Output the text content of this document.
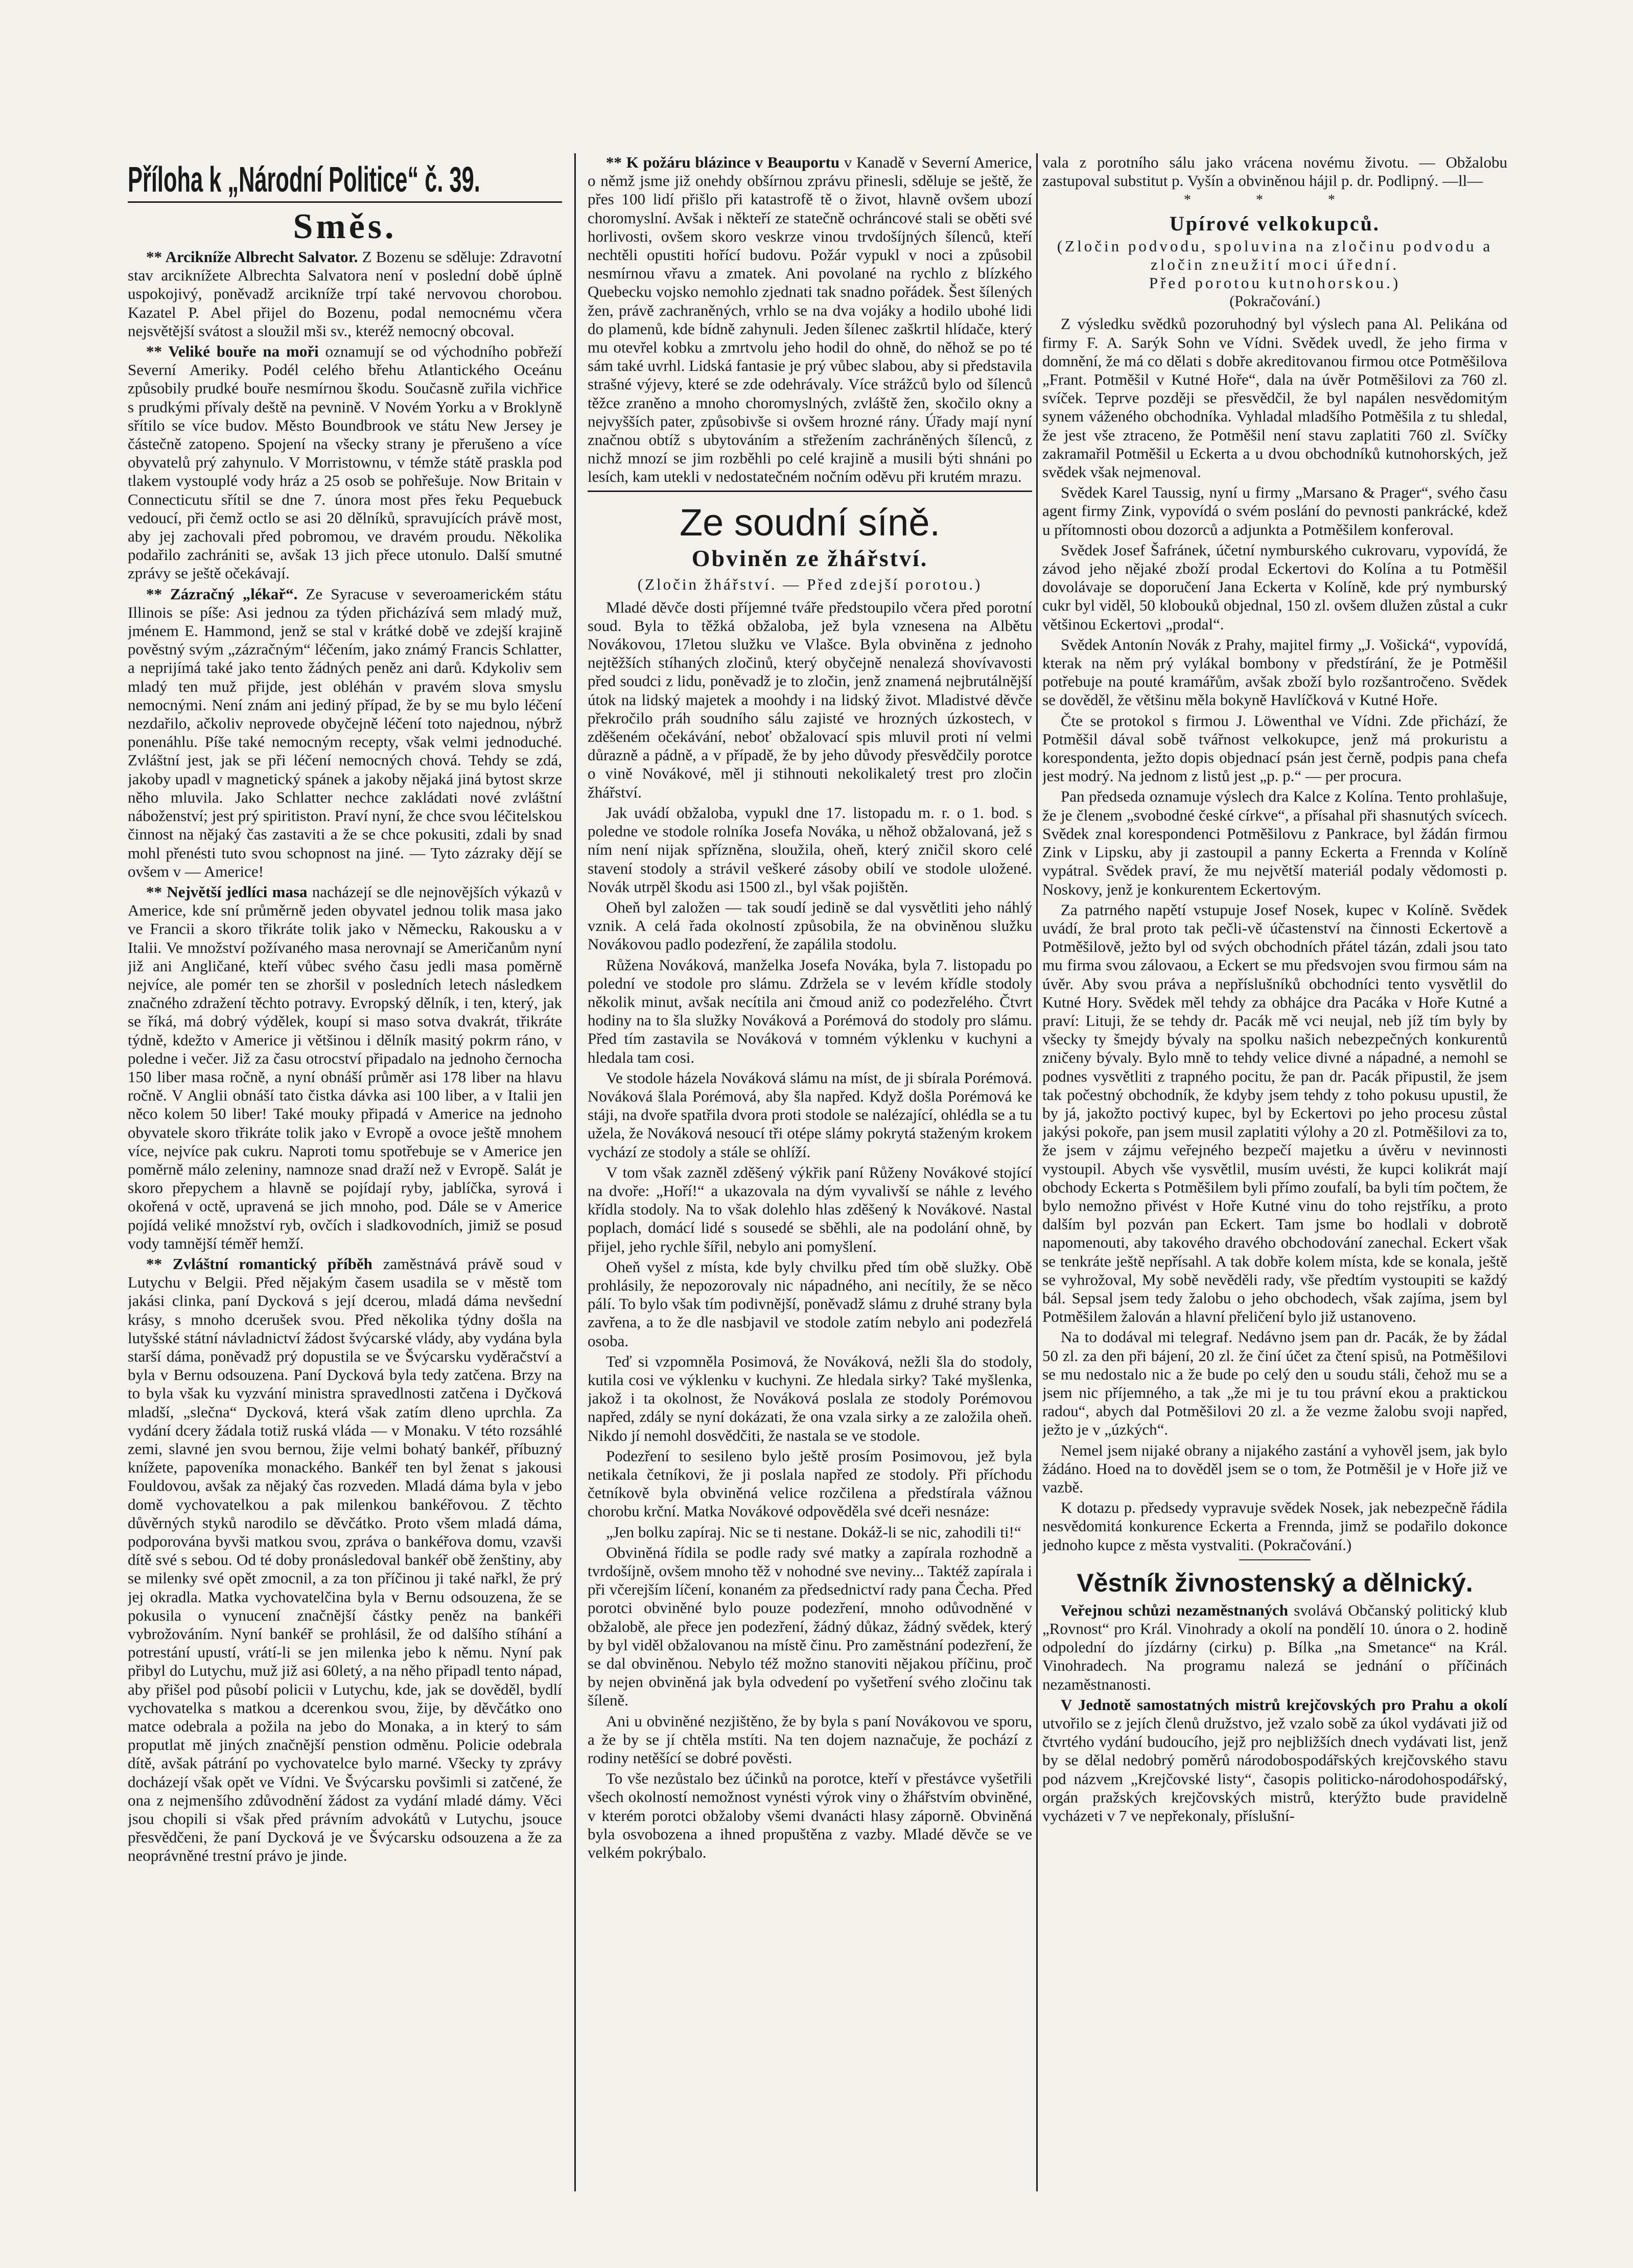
Příloha k „Národní Politice“ č. 39.
Směs.

** Arcikníže Albrecht Salvator. Z Bozenu se sděluje: Zdravotní stav arciknížete Albrechta Salvatora není v poslední době úplně uspokojivý, poněvadž arcikníže trpí také nervovou chorobou. Kazatel P. Abel přijel do Bozenu, podal nemocnému včera nejsvětější svátost a sloužil mši sv., kteréž nemocný obcoval.

** Veliké bouře na moři oznamují se od východního pobřeží Severní Ameriky. Podél celého břehu Atlantického Oceánu způsobily prudké bouře nesmírnou škodu. Současně zuřila vichřice s prudkými přívaly deště na pevnině. V Novém Yorku a v Broklyně sřítilo se více budov. Město Boundbrook ve státu New Jersey je částečně zatopeno. Spojení na všecky strany je přerušeno a více obyvatelů prý zahynulo. V Morristownu, v témže státě praskla pod tlakem vystouplé vody hráz a 25 osob se pohřešuje. Now Britain v Connecticutu sřítil se dne 7. února most přes řeku Pequebuck vedoucí, při čemž octlo se asi 20 dělníků, spravujících právě most, aby jej zachovali před pobromou, ve dravém proudu. Několika podařilo zachrániti se, avšak 13 jich přece utonulo. Další smutné zprávy se ještě očekávají.

** Zázračný „lékař“. Ze Syracuse v severoamerickém státu Illinois se píše: Asi jednou za týden přicházívá sem mladý muž, jménem E. Hammond, jenž se stal v krátké době ve zdejší krajině pověstný svým „zázračným“ léčením, jako známý Francis Schlatter, a neprijímá také jako tento žádných peněz ani darů. Kdykoliv sem mladý ten muž přijde, jest obléhán v pravém slova smyslu nemocnými. Není znám ani jediný případ, že by se mu bylo léčení nezdařilo, ačkoliv neprovede obyčejně léčení toto najednou, nýbrž ponenáhlu. Píše také nemocným recepty, však velmi jednoduché. Zvláštní jest, jak se při léčení nemocných chová. Tehdy se zdá, jakoby upadl v magnetický spánek a jakoby nějaká jiná bytost skrze něho mluvila. Jako Schlatter nechce zakládati nové zvláštní náboženství; jest prý spiritiston. Praví nyní, že chce svou léčitelskou činnost na nějaký čas zastaviti a že se chce pokusiti, zdali by snad mohl přenésti tuto svou schopnost na jiné. — Tyto zázraky dějí se ovšem v — Americe!

** Největší jedlíci masa nacházejí se dle nejnovějších výkazů v Americe, kde sní průměrně jeden obyvatel jednou tolik masa jako ve Francii a skoro třikráte tolik jako v Německu, Rakousku a v Italii. Ve množství požívaného masa nerovnají se Američanům nyní již ani Angličané, kteří vůbec svého času jedli masa poměrně nejvíce, ale pomér ten se zhoršil v posledních letech následkem značného zdražení těchto potravy. Evropský dělník, i ten, který, jak se říká, má dobrý výdělek, koupí si maso sotva dvakrát, třikráte týdně, kdežto v Americe ji většinou i dělník masitý pokrm ráno, v poledne i večer. Již za času otrocství připadalo na jednoho černocha 150 liber masa ročně, a nyní obnáší průměr asi 178 liber na hlavu ročně. V Anglii obnáší tato čistka dávka asi 100 liber, a v Italii jen něco kolem 50 liber! Také mouky připadá v Americe na jednoho obyvatele skoro třikráte tolik jako v Evropě a ovoce ještě mnohem více, nejvíce pak cukru. Naproti tomu spotřebuje se v Americe jen poměrně málo zeleniny, namnoze snad draží než v Evropě. Salát je skoro přepychem a hlavně se pojídají ryby, jablíčka, syrová i okořená v octě, upravená se jich mnoho, pod. Dále se v Americe pojídá veliké množství ryb, ovčích i sladkovodních, jimiž se posud vody tamnější téměř hemží.

** Zvláštní romantický příběh zaměstnává právě soud v Lutychu v Belgii. Před nějakým časem usadila se v městě tom jakási clinka, paní Dycková s její dcerou, mladá dáma nevšední krásy, s mnoho dcerušek svou. Před několika týdny došla na lutyšské státní návladnictví žádost švýcarské vlády, aby vydána byla starší dáma, poněvadž prý dopustila se ve Švýcarsku vyděračství a byla v Bernu odsouzena. Paní Dycková byla tedy zatčena. Brzy na to byla však ku vyzvání ministra spravedlnosti zatčena i Dyčková mladší, „slečna“ Dycková, která však zatím dleno uprchla. Za vydání dcery žádala totiž ruská vláda — v Monaku. V této rozsáhlé zemi, slavné jen svou bernou, žije velmi bohatý bankéř, příbuzný knížete, papoveníka monackého. Bankéř ten byl ženat s jakousi Fouldovou, avšak za nějaký čas rozveden. Mladá dáma byla v jebo domě vychovatelkou a pak milenkou bankéřovou. Z těchto důvěrných styků narodilo se děvčátko. Proto všem mladá dáma, podporována byvši matkou svou, zpráva o bankéřova domu, vzavši dítě své s sebou. Od té doby pronásledoval bankéř obě ženštiny, aby se milenky své opět zmocnil, a za ton příčinou ji také nařkl, že prý jej okradla. Matka vychovatelčina byla v Bernu odsouzena, že se pokusila o vynucení značnější částky peněz na bankéři vybrožováním. Nyní bankéř se prohlásil, že od dalšího stíhání a potrestání upustí, vrátí-li se jen milenka jebo k němu. Nyní pak přibyl do Lutychu, muž již asi 60letý, a na něho připadl tento nápad, aby přišel pod působí policii v Lutychu, kde, jak se dověděl, bydlí vychovatelka s matkou a dcerenkou svou, žije, by děvčátko ono matce odebrala a požila na jebo do Monaka, a in který to sám proputlat mě jiných značnější penstion odměnu. Policie odebrala dítě, avšak pátrání po vychovatelce bylo marné. Všecky ty zprávy docházejí však opět ve Vídni. Ve Švýcarsku povšimli si zatčené, že ona z nejmenšího zdůvodnění žádost za vydání mladé dámy. Věci jsou chopili si však před právním advokátů v Lutychu, jsouce přesvědčeni, že paní Dycková je ve Švýcarsku odsouzena a že za neoprávněné trestní právo je jinde.

** K požáru blázince v Beauportu v Kanadě v Severní Americe, o němž jsme již onehdy obšírnou zprávu přinesli, sděluje se ještě, že přes 100 lidí přišlo při katastrofě tě o život, hlavně ovšem ubozí choromyslní. Avšak i někteří ze statečně ochráncové stali se oběti své horlivosti, ovšem skoro veskrze vinou trvdošíjných šílenců, kteří nechtěli opustiti hořící budovu. Požár vypukl v noci a způsobil nesmírnou vřavu a zmatek. Ani povolané na rychlo z blízkého Quebecku vojsko nemohlo zjednati tak snadno pořádek. Šest šílených žen, právě zachraněných, vrhlo se na dva vojáky a hodilo ubohé lidi do plamenů, kde bídně zahynuli. Jeden šílenec zaškrtil hlídače, který mu otevřel kobku a zmrtvolu jeho hodil do ohně, do něhož se po té sám také uvrhl. Lidská fantasie je prý vůbec slabou, aby si představila strašné výjevy, které se zde odehrávaly. Více strážců bylo od šílenců těžce zraněno a mnoho choromyslných, zvláště žen, skočilo okny a nejvyšších pater, způsobivše si ovšem hrozné rány. Úřady mají nyní značnou obtíž s ubytováním a střežením zachráněných šílenců, z nichž mnozí se jim rozběhli po celé krajině a musili býti shnáni po lesích, kam utekli v nedostatečném nočním oděvu při krutém mrazu.

Ze soudní síně.
Obviněn ze žhářství.
(Zločin žhářství. — Před zdejší porotou.)

Mladé děvče dosti příjemné tváře předstoupilo včera před porotní soud. Byla to těžká obžaloba, jež byla vznesena na Albětu Novákovou, 17letou služku ve Vlašce. Byla obviněna z jednoho nejtěžších stíhaných zločinů, který obyčejně nenalezá shovívavosti před soudci z lidu, poněvadž je to zločin, jenž znamená nejbrutálnější útok na lidský majetek a moohdy i na lidský život. Mladistvé děvče překročilo práh soudního sálu zajisté ve hrozných úzkostech, v zděšeném očekávání, neboť obžalovací spis mluvil proti ní velmi důrazně a pádně, a v případě, že by jeho důvody přesvědčily porotce o vině Novákové, měl ji stihnouti nekolikaletý trest pro zločin žhářství.

Jak uvádí obžaloba, vypukl dne 17. listopadu m. r. o 1. bod. s poledne ve stodole rolníka Josefa Nováka, u něhož obžalovaná, jež s ním není nijak spřízněna, sloužila, oheň, který zničil skoro celé stavení stodoly a strávil veškeré zásoby obilí ve stodole uložené. Novák utrpěl škodu asi 1500 zl., byl však pojištěn.

Oheň byl založen — tak soudí jedině se dal vysvětliti jeho náhlý vznik. A celá řada okolností způsobila, že na obviněnou služku Novákovou padlo podezření, že zapálila stodolu.

Růžena Nováková, manželka Josefa Nováka, byla 7. listopadu po polední ve stodole pro slámu. Zdržela se v levém křídle stodoly několik minut, avšak necítila ani čmoud aniž co podezřelého. Čtvrt hodiny na to šla služky Nováková a Porémová do stodoly pro slámu. Před tím zastavila se Nováková v tomném výklenku v kuchyni a hledala tam cosi.

Ve stodole házela Nováková slámu na míst, de ji sbírala Porémová. Nováková šlala Porémová, aby šla napřed. Když došla Porémová ke stáji, na dvoře spatřila dvora proti stodole se nalézající, ohlédla se a tu užela, že Nováková nesoucí tři otépe slámy pokrytá staženým krokem vychází ze stodoly a stále se ohlíží.

V tom však zazněl zděšený výkřik paní Růženy Novákové stojící na dvoře: „Hoří!“ a ukazovala na dým vyvalivší se náhle z levého křídla stodoly. Na to však dolehlo hlas zděšený k Novákové. Nastal poplach, domácí lidé s sousedé se sběhli, ale na podolání ohně, by přijel, jeho rychle šířil, nebylo ani pomyšlení.

Oheň vyšel z místa, kde byly chvilku před tím obě služky. Obě prohlásily, že nepozorovaly nic nápadného, ani necítily, že se něco pálí. To bylo však tím podivnější, poněvadž slámu z druhé strany byla zavřena, a to že dle nasbjavil ve stodole zatím nebylo ani podezřelá osoba.

Teď si vzpomněla Posimová, že Nováková, nežli šla do stodoly, kutila cosi ve výklenku v kuchyni. Ze hledala sirky? Také myšlenka, jakož i ta okolnost, že Nováková poslala ze stodoly Porémovou napřed, zdály se nyní dokázati, že ona vzala sirky a ze založila oheň. Nikdo jí nemohl dosvědčiti, že nastala se ve stodole.

Podezření to sesileno bylo ještě prosím Posimovou, jež byla netikala četníkovi, že ji poslala napřed ze stodoly. Při příchodu četníkově byla obviněná velice rozčilena a předstírala vážnou chorobu krční. Matka Novákové odpověděla své dceři nesnáze:

„Jen bolku zapíraj. Nic se ti nestane. Dokáž-li se nic, zahodili ti!“

Obviněná řídila se podle rady své matky a zapírala rozhodně a tvrdošíjně, ovšem mnoho těž v nohodné sve neviny... Taktéž zapírala i při včerejším líčení, konaném za předsednictví rady pana Čecha. Před porotci obviněné bylo pouze podezření, mnoho odůvodněné v obžalobě, ale přece jen podezření, žádný důkaz, žádný svědek, který by byl viděl obžalovanou na místě činu. Pro zaměstnání podezření, že se dal obviněnou. Nebylo též možno stanoviti nějakou příčinu, proč by nejen obviněná jak byla odvedení po vyšetření svého zločinu tak šíleně.

Ani u obviněné nezjištěno, že by byla s paní Novákovou ve sporu, a že by se jí chtěla mstíti. Na ten dojem naznačuje, že pochází z rodiny netěšící se dobré pověsti.

To vše nezůstalo bez účinků na porotce, kteří v přestávce vyšetřili všech okolností nemožnost vynésti výrok viny o žhářstvím obviněné, v kterém porotci obžaloby všemi dvanácti hlasy záporně. Obviněná byla osvobozena a ihned propuštěna z vazby. Mladé děvče se ve velkém pokrýbalo.

vala z porotního sálu jako vrácena novému životu. — Obžalobu zastupoval substitut p. Vyšín a obviněnou hájil p. dr. Podlipný. —ll—

* * *
Upírové velkokupců.

(Zločin podvodu, spoluvina na zločinu podvodu a zločin zneužití moci úřední.

Před porotou kutnohorskou.)

(Pokračování.)

Z výsledku svědků pozoruhodný byl výslech pana Al. Pelikána od firmy F. A. Sarýk Sohn ve Vídni. Svědek uvedl, že jeho firma v domnění, že má co dělati s dobře akreditovanou firmou otce Potměšilova „Frant. Potměšil v Kutné Hoře“, dala na úvěr Potměšilovi za 760 zl. svíček. Teprve později se přesvědčil, že byl napálen nesvědomitým synem váženého obchodníka. Vyhladal mladšího Potměšila z tu shledal, že jest vše ztraceno, že Potměšil není stavu zaplatiti 760 zl. Svíčky zakramařil Potměšil u Eckerta a u dvou obchodníků kutnohorských, jež svědek však nejmenoval.

Svědek Karel Taussig, nyní u firmy „Marsano & Prager“, svého času agent firmy Zink, vypovídá o svém poslání do pevnosti pankrácké, kdež u přítomnosti obou dozorců a adjunkta a Potměšilem konferoval.

Svědek Josef Šafránek, účetní nymburského cukrovaru, vypovídá, že závod jeho nějaké zboží prodal Eckertovi do Kolína a tu Potměšil dovolávaje se doporučení Jana Eckerta v Kolíně, kde prý nymburský cukr byl viděl, 50 klobouků objednal, 150 zl. ovšem dlužen zůstal a cukr většinou Eckertovi „prodal“.

Svědek Antonín Novák z Prahy, majitel firmy „J. Vošická“, vypovídá, kterak na něm prý vylákal bombony v předstírání, že je Potměšil potřebuje na pouté kramářům, avšak zboží bylo rozšantročeno. Svědek se dověděl, že většinu měla bokyně Havlíčková v Kutné Hoře.

Čte se protokol s firmou J. Löwenthal ve Vídni. Zde přichází, že Potměšil dával sobě tvářnost velkokupce, jenž má prokuristu a korespondenta, ježto dopis objednací psán jest černě, podpis pana chefa jest modrý. Na jednom z listů jest „p. p.“ — per procura.

Pan předseda oznamuje výslech dra Kalce z Kolína. Tento prohlašuje, že je členem „svobodné české církve“, a přísahal při shasnutých svícech. Svědek znal korespondenci Potměšilovu z Pankrace, byl žádán firmou Zink v Lipsku, aby ji zastoupil a panny Eckerta a Frennda v Kolíně vypátral. Svědek praví, že mu největší materiál podaly vědomosti p. Noskovy, jenž je konkurentem Eckertovým.

Za patrného napětí vstupuje Josef Nosek, kupec v Kolíně. Svědek uvádí, že bral proto tak pečli-vě účastenství na činnosti Eckertově a Potměšilově, ježto byl od svých obchodních přátel tázán, zdali jsou tato mu firma svou zálovaou, a Eckert se mu předsvojen svou firmou sám na úvěr. Aby svou práva a nepříslušníků obchodníci tento vysvětlil do Kutné Hory. Svědek měl tehdy za obhájce dra Pacáka v Hoře Kutné a praví: Lituji, že se tehdy dr. Pacák mě vci neujal, neb jíž tím byly by všecky ty šmejdy bývaly na spolku našich nebezpečných konkurentů zničeny bývaly. Bylo mně to tehdy velice divné a nápadné, a nemohl se podnes vysvětliti z trapného pocitu, že pan dr. Pacák připustil, že jsem tak počestný obchodník, že kdyby jsem tehdy z toho pokusu upustil, že by já, jakožto poctivý kupec, byl by Eckertovi po jeho procesu zůstal jakýsi pokoře, pan jsem musil zaplatiti výlohy a 20 zl. Potměšilovi za to, že jsem v zájmu veřejného bezpečí majetku a úvěru v nevinnosti vystoupil. Abych vše vysvětlil, musím uvésti, že kupci kolikrát mají obchody Eckerta s Potměšilem byli přímo zoufalí, ba byli tím počtem, že bylo nemožno přivést v Hoře Kutné vinu do toho rejstříku, a proto dalším byl pozván pan Eckert. Tam jsme bo hodlali v dobrotě napomenouti, aby takového dravého obchodování zanechal. Eckert však se tenkráte ještě nepřísahl. A tak dobře kolem místa, kde se konala, ještě se vyhrožoval, My sobě nevěděli rady, vše předtím vystoupiti se každý bál. Sepsal jsem tedy žalobu o jeho obchodech, však zajíma, jsem byl Potměšilem žalován a hlavní přeličení bylo již ustanoveno.

Na to dodával mi telegraf. Nedávno jsem pan dr. Pacák, že by žádal 50 zl. za den při bájení, 20 zl. že činí účet za čtení spisů, na Potměšilovi se mu nedostalo nic a že bude po celý den u soudu stáli, čehož mu se a jsem nic příjemného, a tak „že mi je tu tou právní ekou a praktickou radou“, abych dal Potměšilovi 20 zl. a že vezme žalobu svoji napřed, ježto je v „úzkých“.

Nemel jsem nijaké obrany a nijakého zastání a vyhověl jsem, jak bylo žádáno. Hoed na to dověděl jsem se o tom, že Potměšil je v Hoře již ve vazbě.

K dotazu p. předsedy vypravuje svědek Nosek, jak nebezpečně řádila nesvědomitá konkurence Eckerta a Frennda, jimž se podařilo dokonce jednoho kupce z města vystvaliti. (Pokračování.)

Věstník živnostenský a dělnický.

Veřejnou schůzi nezaměstnaných svolává Občanský politický klub „Rovnost“ pro Král. Vinohrady a okolí na pondělí 10. února o 2. hodině odpolední do jízdárny (cirku) p. Bílka „na Smetance“ na Král. Vinohradech. Na programu nalezá se jednání o příčinách nezaměstnanosti.

V Jednotě samostatných mistrů krejčovských pro Prahu a okolí utvořilo se z jejích členů družstvo, jež vzalo sobě za úkol vydávati již od čtvrtého vydání budoucího, jejž pro nejbližších dnech vydávati list, jenž by se dělal nedobrý poměrů národobospodářských krejčovského stavu pod názvem „Krejčovské listy“, časopis politicko-národohospodářský, orgán pražských krejčovských mistrů, kterýžto bude pravidelně vycházeti v 7 ve nepřekonaly, příslušní-
